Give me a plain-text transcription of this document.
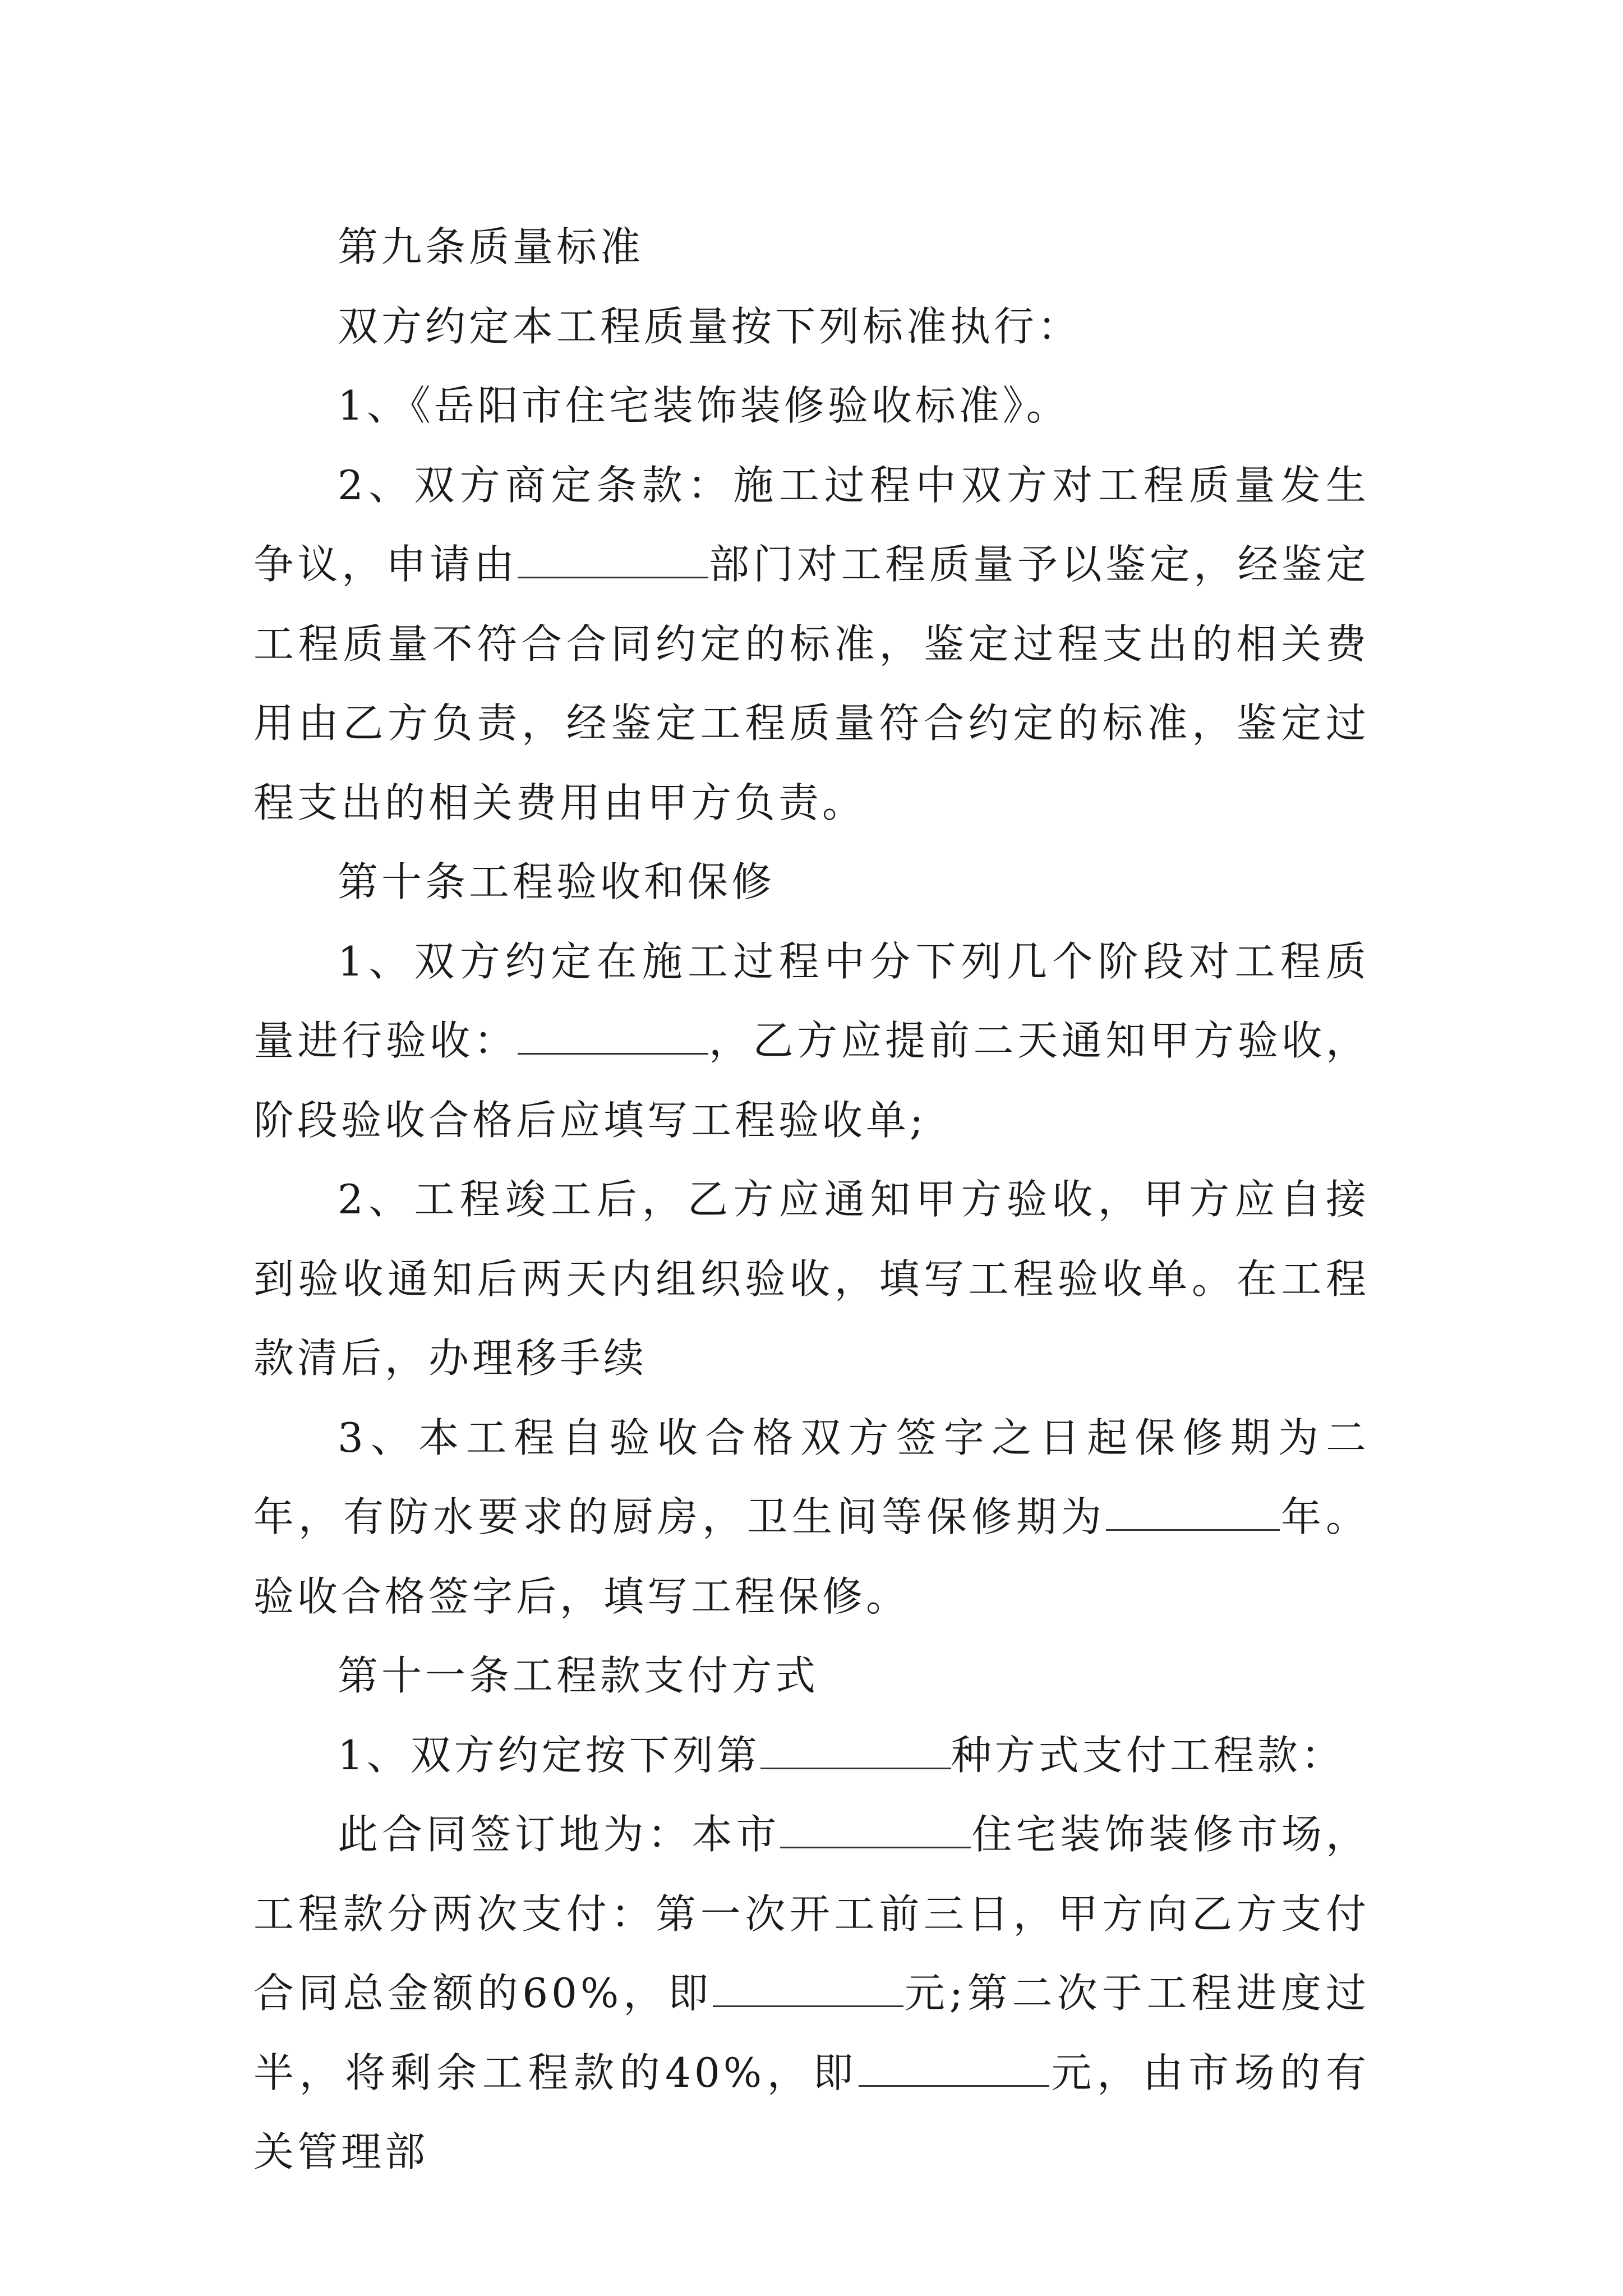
第九条质量标准

双方约定本工程质量按下列标准执行：

1、《岳阳市住宅装饰装修验收标准》。

2、双方商定条款：施工过程中双方对工程质量发生争议，申请由	部门对工程质量予以鉴定，经鉴定工程质量不符合合同约定的标准，鉴定过程支出的相关费用由乙方负责，经鉴定工程质量符合约定的标准，鉴定过程支出的相关费用由甲方负责。

第十条工程验收和保修

1、双方约定在施工过程中分下列几个阶段对工程质量进行验收：	，乙方应提前二天通知甲方验收，阶段验收合格后应填写工程验收单;

2、工程竣工后，乙方应通知甲方验收，甲方应自接到验收通知后两天内组织验收，填写工程验收单。在工程款清后，办理移手续

3、本工程自验收合格双方签字之日起保修期为二年，有防水要求的厨房，卫生间等保修期为	年。验收合格签字后，填写工程保修。

第十一条工程款支付方式

1、双方约定按下列第	种方式支付工程款：

此合同签订地为：本市	住宅装饰装修市场，工程款分两次支付：第一次开工前三日，甲方向乙方支付合同总金额的60%，即	元;第二次于工程进度过半，将剩余工程款的40%，即	元，由市场的有关管理部
